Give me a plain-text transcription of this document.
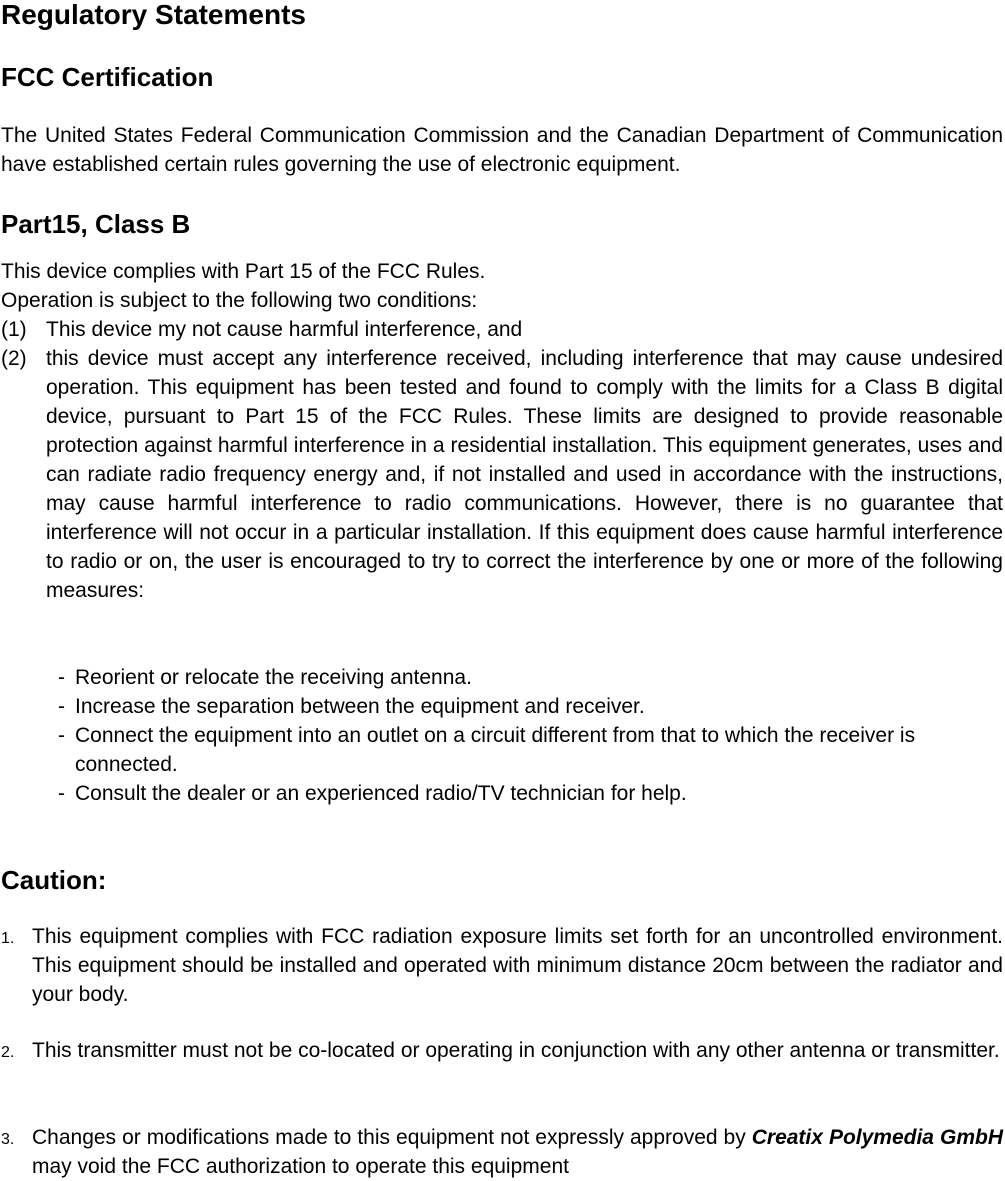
Regulatory Statements
FCC Certification
The United States Federal Communication Commission and the Canadian Department of Communication have established certain rules governing the use of electronic equipment.
Part15, Class B
This device complies with Part 15 of the FCC Rules.
Operation is subject to the following two conditions:
(1) This device my not cause harmful interference, and
(2) this device must accept any interference received, including interference that may cause undesired operation. This equipment has been tested and found to comply with the limits for a Class B digital device, pursuant to Part 15 of the FCC Rules. These limits are designed to provide reasonable protection against harmful interference in a residential installation. This equipment generates, uses and can radiate radio frequency energy and, if not installed and used in accordance with the instructions, may cause harmful interference to radio communications. However, there is no guarantee that interference will not occur in a particular installation. If this equipment does cause harmful interference to radio or on, the user is encouraged to try to correct the interference by one or more of the following measures:
- Reorient or relocate the receiving antenna.
- Increase the separation between the equipment and receiver.
- Connect the equipment into an outlet on a circuit different from that to which the receiver is connected.
- Consult the dealer or an experienced radio/TV technician for help.
Caution:
1. This equipment complies with FCC radiation exposure limits set forth for an uncontrolled environment. This equipment should be installed and operated with minimum distance 20cm between the radiator and your body.
2. This transmitter must not be co-located or operating in conjunction with any other antenna or transmitter.
3. Changes or modifications made to this equipment not expressly approved by Creatix Polymedia GmbH may void the FCC authorization to operate this equipment
